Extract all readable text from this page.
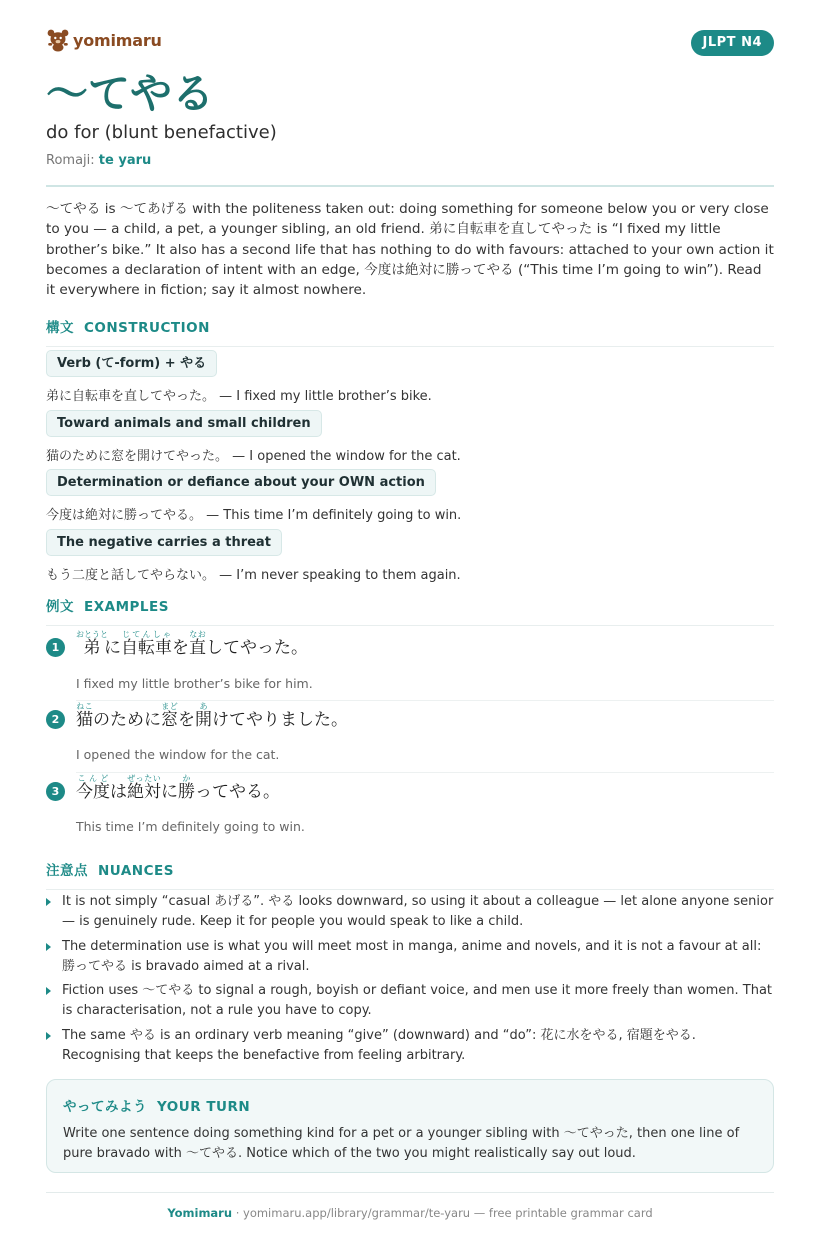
yomimaru	JLPT N4
〜てやる
do for (blunt benefactive)
Romaji: te yaru

〜てやる is 〜てあげる with the politeness taken out: doing something for someone below you or very close to you — a child, a pet, a younger sibling, an old friend. 弟に自転車を直してやった is “I fixed my little brother’s bike.” It also has a second life that has nothing to do with favours: attached to your own action it becomes a declaration of intent with an edge, 今度は絶対に勝ってやる (“This time I’m going to win”). Read it everywhere in fiction; say it almost nowhere.

構文 CONSTRUCTION
Verb (て-form) + やる
弟に自転車を直してやった。 — I fixed my little brother’s bike.
Toward animals and small children
猫のために窓を開けてやった。 — I opened the window for the cat.
Determination or defiance about your OWN action
今度は絶対に勝ってやる。 — This time I’m definitely going to win.
The negative carries a threat
もう二度と話してやらない。 — I’m never speaking to them again.
例文 EXAMPLES
1 弟おとうとに自転車じてんしゃを直なおしてやった。

I fixed my little brother’s bike for him.
2 猫ねこのために窓まどを開あけてやりました。

I opened the window for the cat.
3 今度こんどは絶対ぜったいに勝かってやる。

This time I’m definitely going to win.
注意点 NUANCES
It is not simply “casual あげる”. やる looks downward, so using it about a colleague — let alone anyone senior — is genuinely rude. Keep it for people you would speak to like a child.
The determination use is what you will meet most in manga, anime and novels, and it is not a favour at all: 勝ってやる is bravado aimed at a rival.
Fiction uses 〜てやる to signal a rough, boyish or defiant voice, and men use it more freely than women. That is characterisation, not a rule you have to copy.
The same やる is an ordinary verb meaning “give” (downward) and “do”: 花に水をやる, 宿題をやる. Recognising that keeps the benefactive from feeling arbitrary.
やってみよう YOUR TURN
Write one sentence doing something kind for a pet or a younger sibling with 〜てやった, then one line of pure bravado with 〜てやる. Notice which of the two you might realistically say out loud.
Yomimaru · yomimaru.app/library/grammar/te-yaru — free printable grammar card
